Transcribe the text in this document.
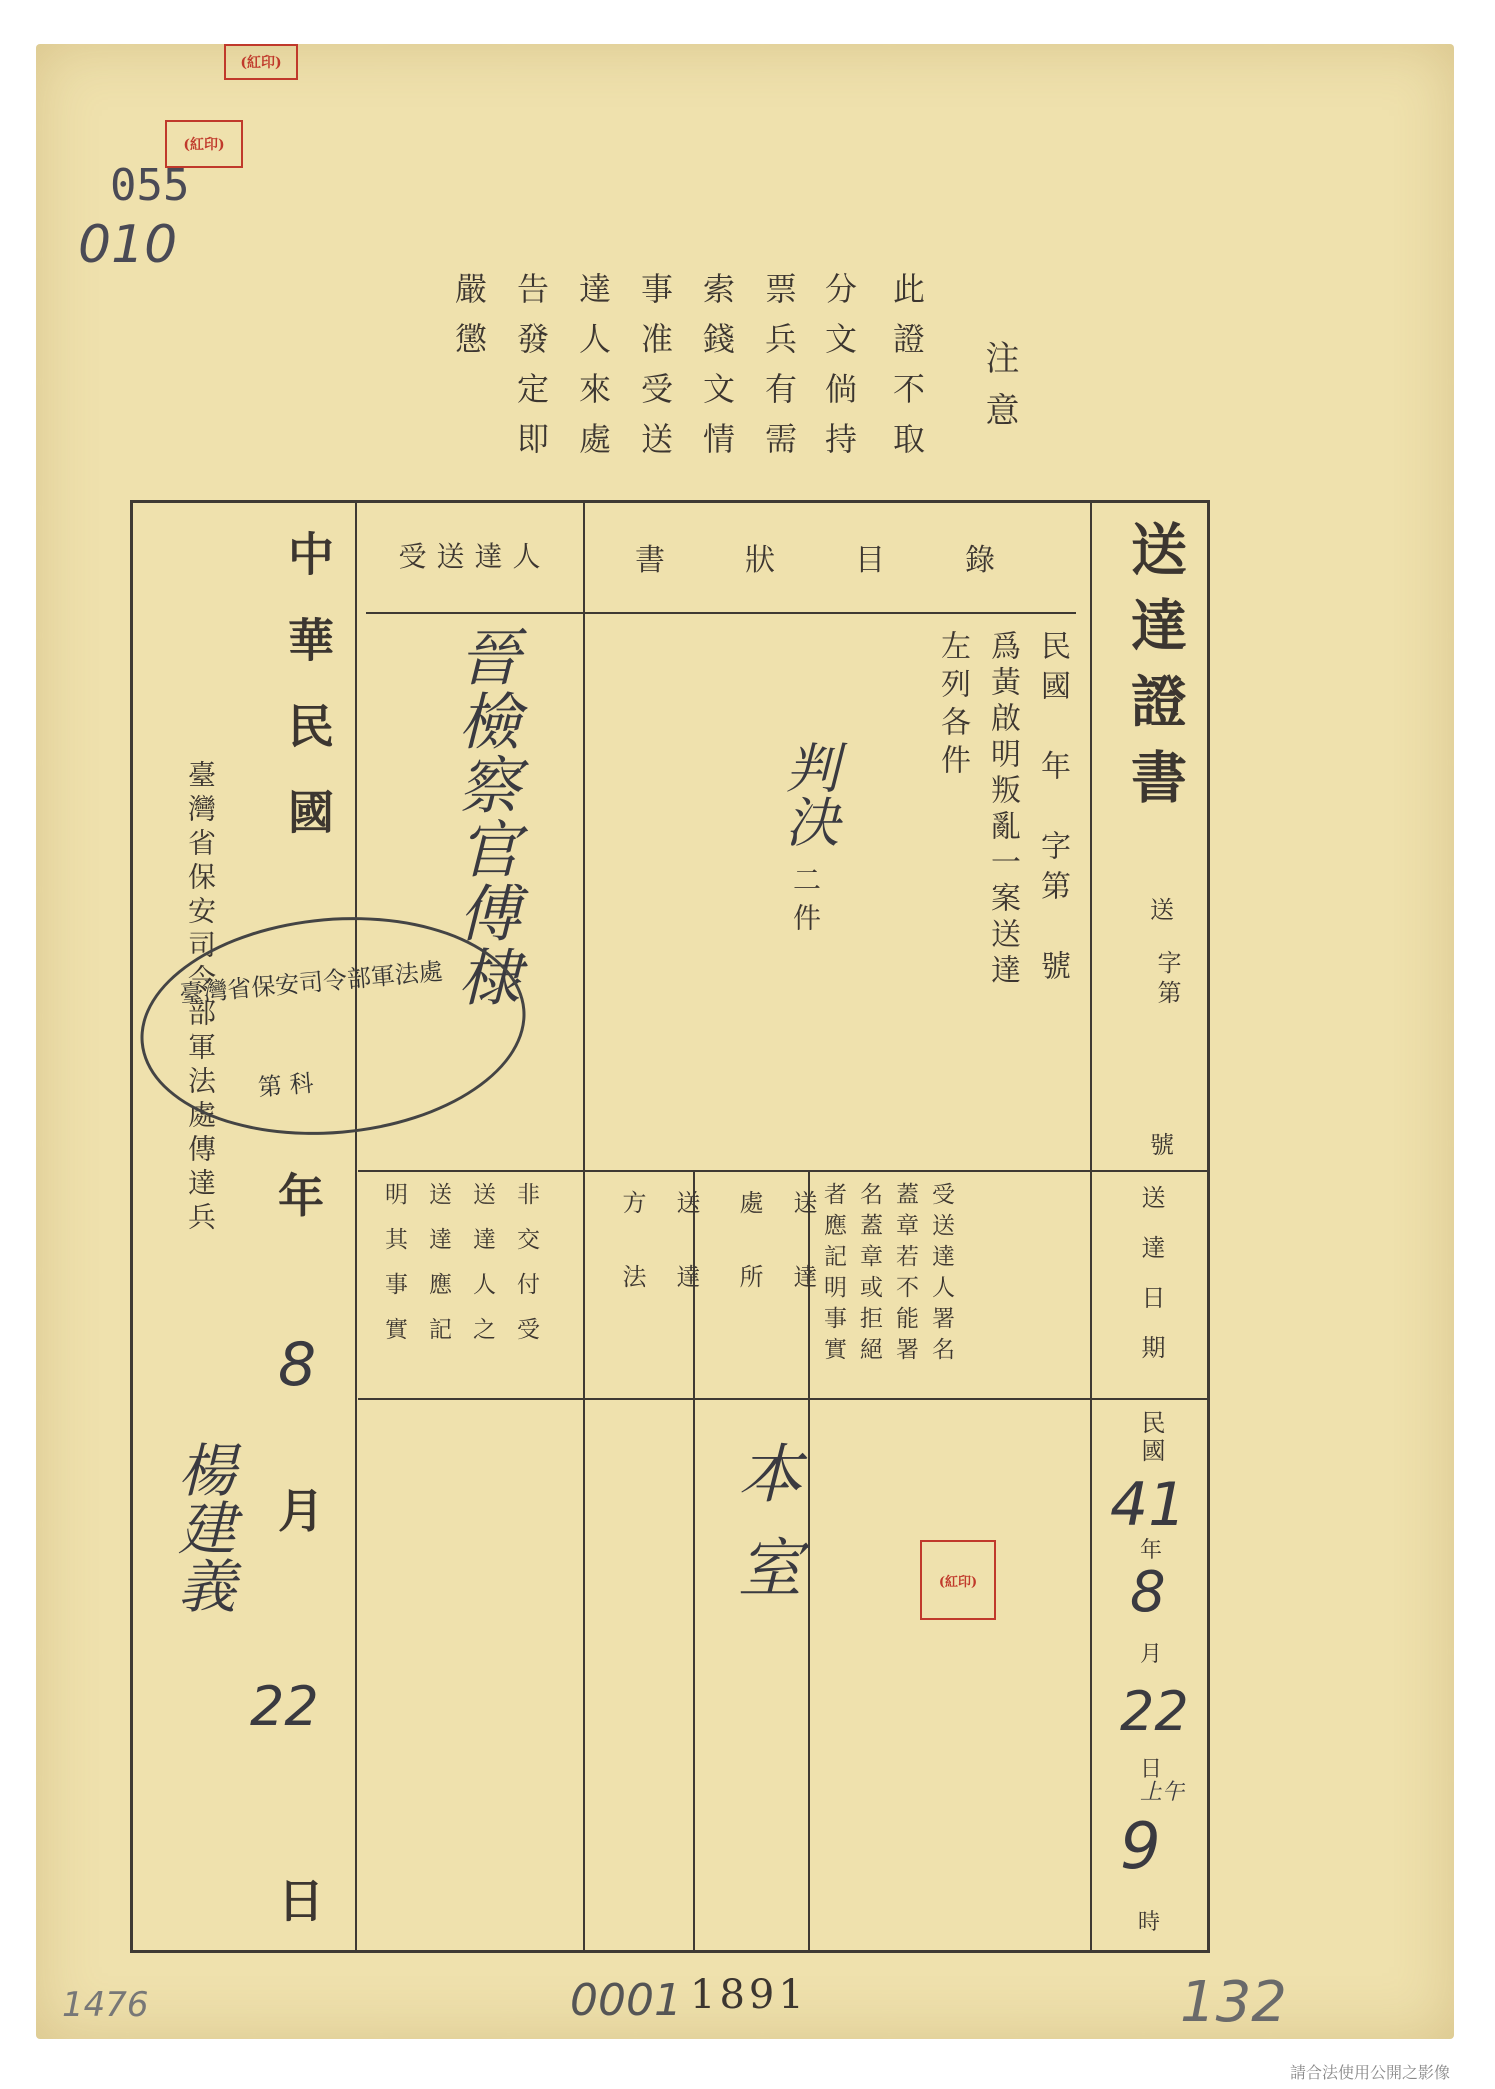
(紅印)
(紅印)
055
010
注意
此證不取
分文倘持
票兵有需
索錢文情
事准受送
達人來處
告發定即
嚴懲
送達證書
送
字第
號
送達日期
民國
41
年
8
月
22
日
上午
9
時
書狀目錄
民國　年　字第　號
爲黃啟明叛亂一案送達
左列各件
判決
二件
受送達人
晉檢察官傅棣
受送達人署名蓋章若不能署名蓋章或拒絕者應記明事實
送達處所
送達方法
非交付受送達人之送達應記明其事實
本室	(紅印)
中華民國
年
8
月
22
日
臺灣省保安司令部軍法處傳達兵
楊建義
臺灣省保安司令部軍法處
第 科
0001 1891	132
1476
請合法使用公開之影像
